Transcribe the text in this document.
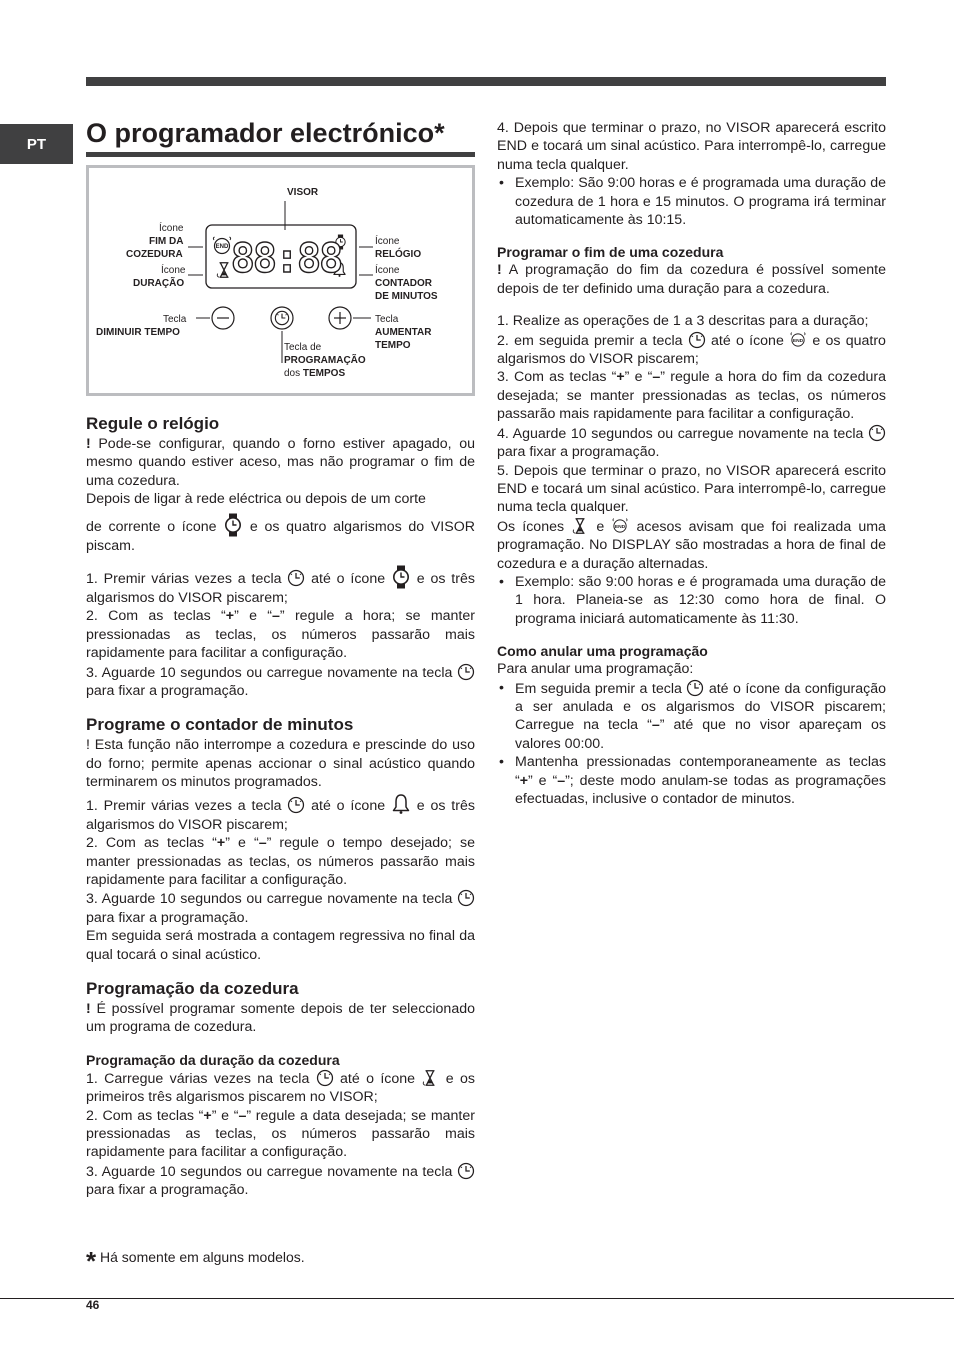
PT	O programador electrónico*
88:88
VISOR
Ícone
FIM DA
COZEDURA
Ícone
DURAÇÃO
Ícone
RELÓGIO
Ícone
CONTADOR
DE MINUTOS
Tecla
DIMINUIR TEMPO
Tecla
AUMENTAR
TEMPO
Tecla de
PROGRAMAÇÃO
dos TEMPOS
Regule o relógio

! Pode-se configurar, quando o forno estiver apagado, ou mesmo quando estiver aceso, mas não programar o fim de uma cozedura.

Depois de ligar à rede eléctrica ou depois de um corte

de corrente o ícone e os quatro algarismos do VISOR piscam.

1. Premir várias vezes a tecla até o ícone e os três algarismos do VISOR piscarem;

2. Com as teclas “+” e “–” regule a hora; se manter pressionadas as teclas, os números passarão mais rapidamente para facilitar a configuração.

3. Aguarde 10 segundos ou carregue novamente na tecla
para fixar a programação.

Programe o contador de minutos

! Esta função não interrompe a cozedura e prescinde do uso do forno; permite apenas accionar o sinal acústico quando terminarem os minutos programados.

1. Premir várias vezes a tecla até o ícone e os três algarismos do VISOR piscarem;

2. Com as teclas “+” e “–” regule o tempo desejado; se manter pressionadas as teclas, os números passarão mais rapidamente para facilitar a configuração.

3. Aguarde 10 segundos ou carregue novamente na tecla
para fixar a programação.

Em seguida será mostrada a contagem regressiva no final da qual tocará o sinal acústico.

Programação da cozedura

! É possível programar somente depois de ter seleccionado um programa de cozedura.

Programação da duração da cozedura

1. Carregue várias vezes na tecla até o ícone e os primeiros três algarismos piscarem no VISOR;

2. Com as teclas “+” e “–” regule a data desejada; se manter pressionadas as teclas, os números passarão mais rapidamente para facilitar a configuração.

3. Aguarde 10 segundos ou carregue novamente na tecla
para fixar a programação.

4. Depois que terminar o prazo, no VISOR aparecerá escrito END e tocará um sinal acústico. Para interrompê-lo, carregue numa tecla qualquer.

• Exemplo: São 9:00 horas e é programada uma duração de cozedura de 1 hora e 15 minutos. O programa irá terminar automaticamente às 10:15.
Programar o fim de uma cozedura

! A programação do fim da cozedura é possível somente depois de ter definido uma duração para a cozedura.

1. Realize as operações de 1 a 3 descritas para a duração;

2. em seguida premir a tecla até o ícone e os quatro algarismos do VISOR piscarem;

3. Com as teclas “+” e “–” regule a hora do fim da cozedura desejada; se manter pressionadas as teclas, os números passarão mais rapidamente para facilitar a configuração.

4. Aguarde 10 segundos ou carregue novamente na tecla
para fixar a programação.

5. Depois que terminar o prazo, no VISOR aparecerá escrito END e tocará um sinal acústico. Para interrompê-lo, carregue numa tecla qualquer.

Os ícones e acesos avisam que foi realizada uma programação. No DISPLAY são mostradas a hora de final de cozedura e a duração alternadas.

• Exemplo: são 9:00 horas e é programada uma duração de 1 hora. Planeia-se as 12:30 como hora de final. O programa iniciará automaticamente às 11:30.
Como anular uma programação

Para anular uma programação:

• Em seguida premir a tecla até o ícone da configuração a ser anulada e os algarismos do VISOR piscarem; Carregue na tecla “–” até que no visor apareçam os valores 00:00.
• Mantenha pressionadas contemporaneamente as teclas “+” e “–”; deste modo anulam-se todas as programações efectuadas, inclusive o contador de minutos.
* Há somente em alguns modelos.
46
